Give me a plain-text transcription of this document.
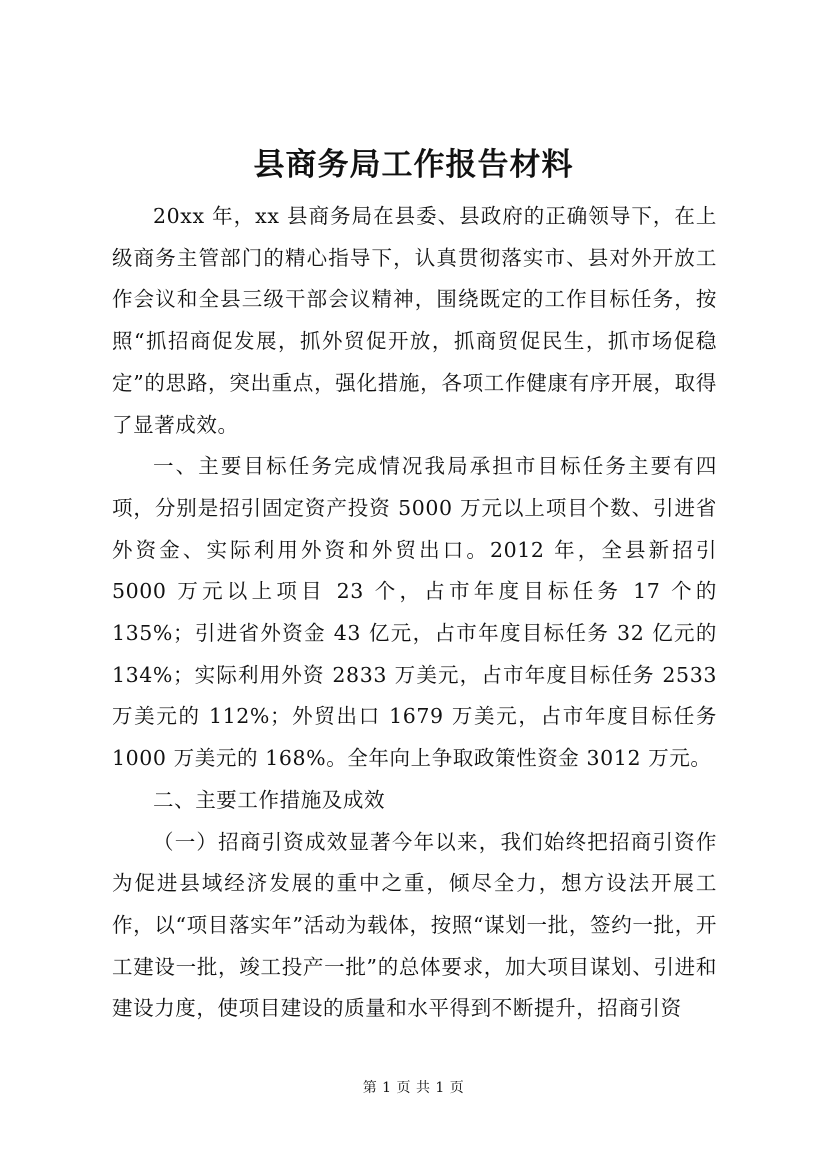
县商务局工作报告材料

20xx 年，xx 县商务局在县委、县政府的正确领导下，在上级商务主管部门的精心指导下，认真贯彻落实市、县对外开放工作会议和全县三级干部会议精神，围绕既定的工作目标任务，按照“抓招商促发展，抓外贸促开放，抓商贸促民生，抓市场促稳定”的思路，突出重点，强化措施，各项工作健康有序开展，取得了显著成效。

一、主要目标任务完成情况我局承担市目标任务主要有四项，分别是招引固定资产投资 5000 万元以上项目个数、引进省外资金、实际利用外资和外贸出口。2012 年，全县新招引 5000 万元以上项目 23 个，占市年度目标任务 17 个的 135%；引进省外资金 43 亿元，占市年度目标任务 32 亿元的 134%；实际利用外资 2833 万美元，占市年度目标任务 2533 万美元的 112%；外贸出口 1679 万美元，占市年度目标任务 1000 万美元的 168%。全年向上争取政策性资金 3012 万元。

二、主要工作措施及成效

（一）招商引资成效显著今年以来，我们始终把招商引资作为促进县域经济发展的重中之重，倾尽全力，想方设法开展工作，以“项目落实年”活动为载体，按照“谋划一批，签约一批，开工建设一批，竣工投产一批”的总体要求，加大项目谋划、引进和建设力度，使项目建设的质量和水平得到不断提升，招商引资

第 1 页 共 1 页
